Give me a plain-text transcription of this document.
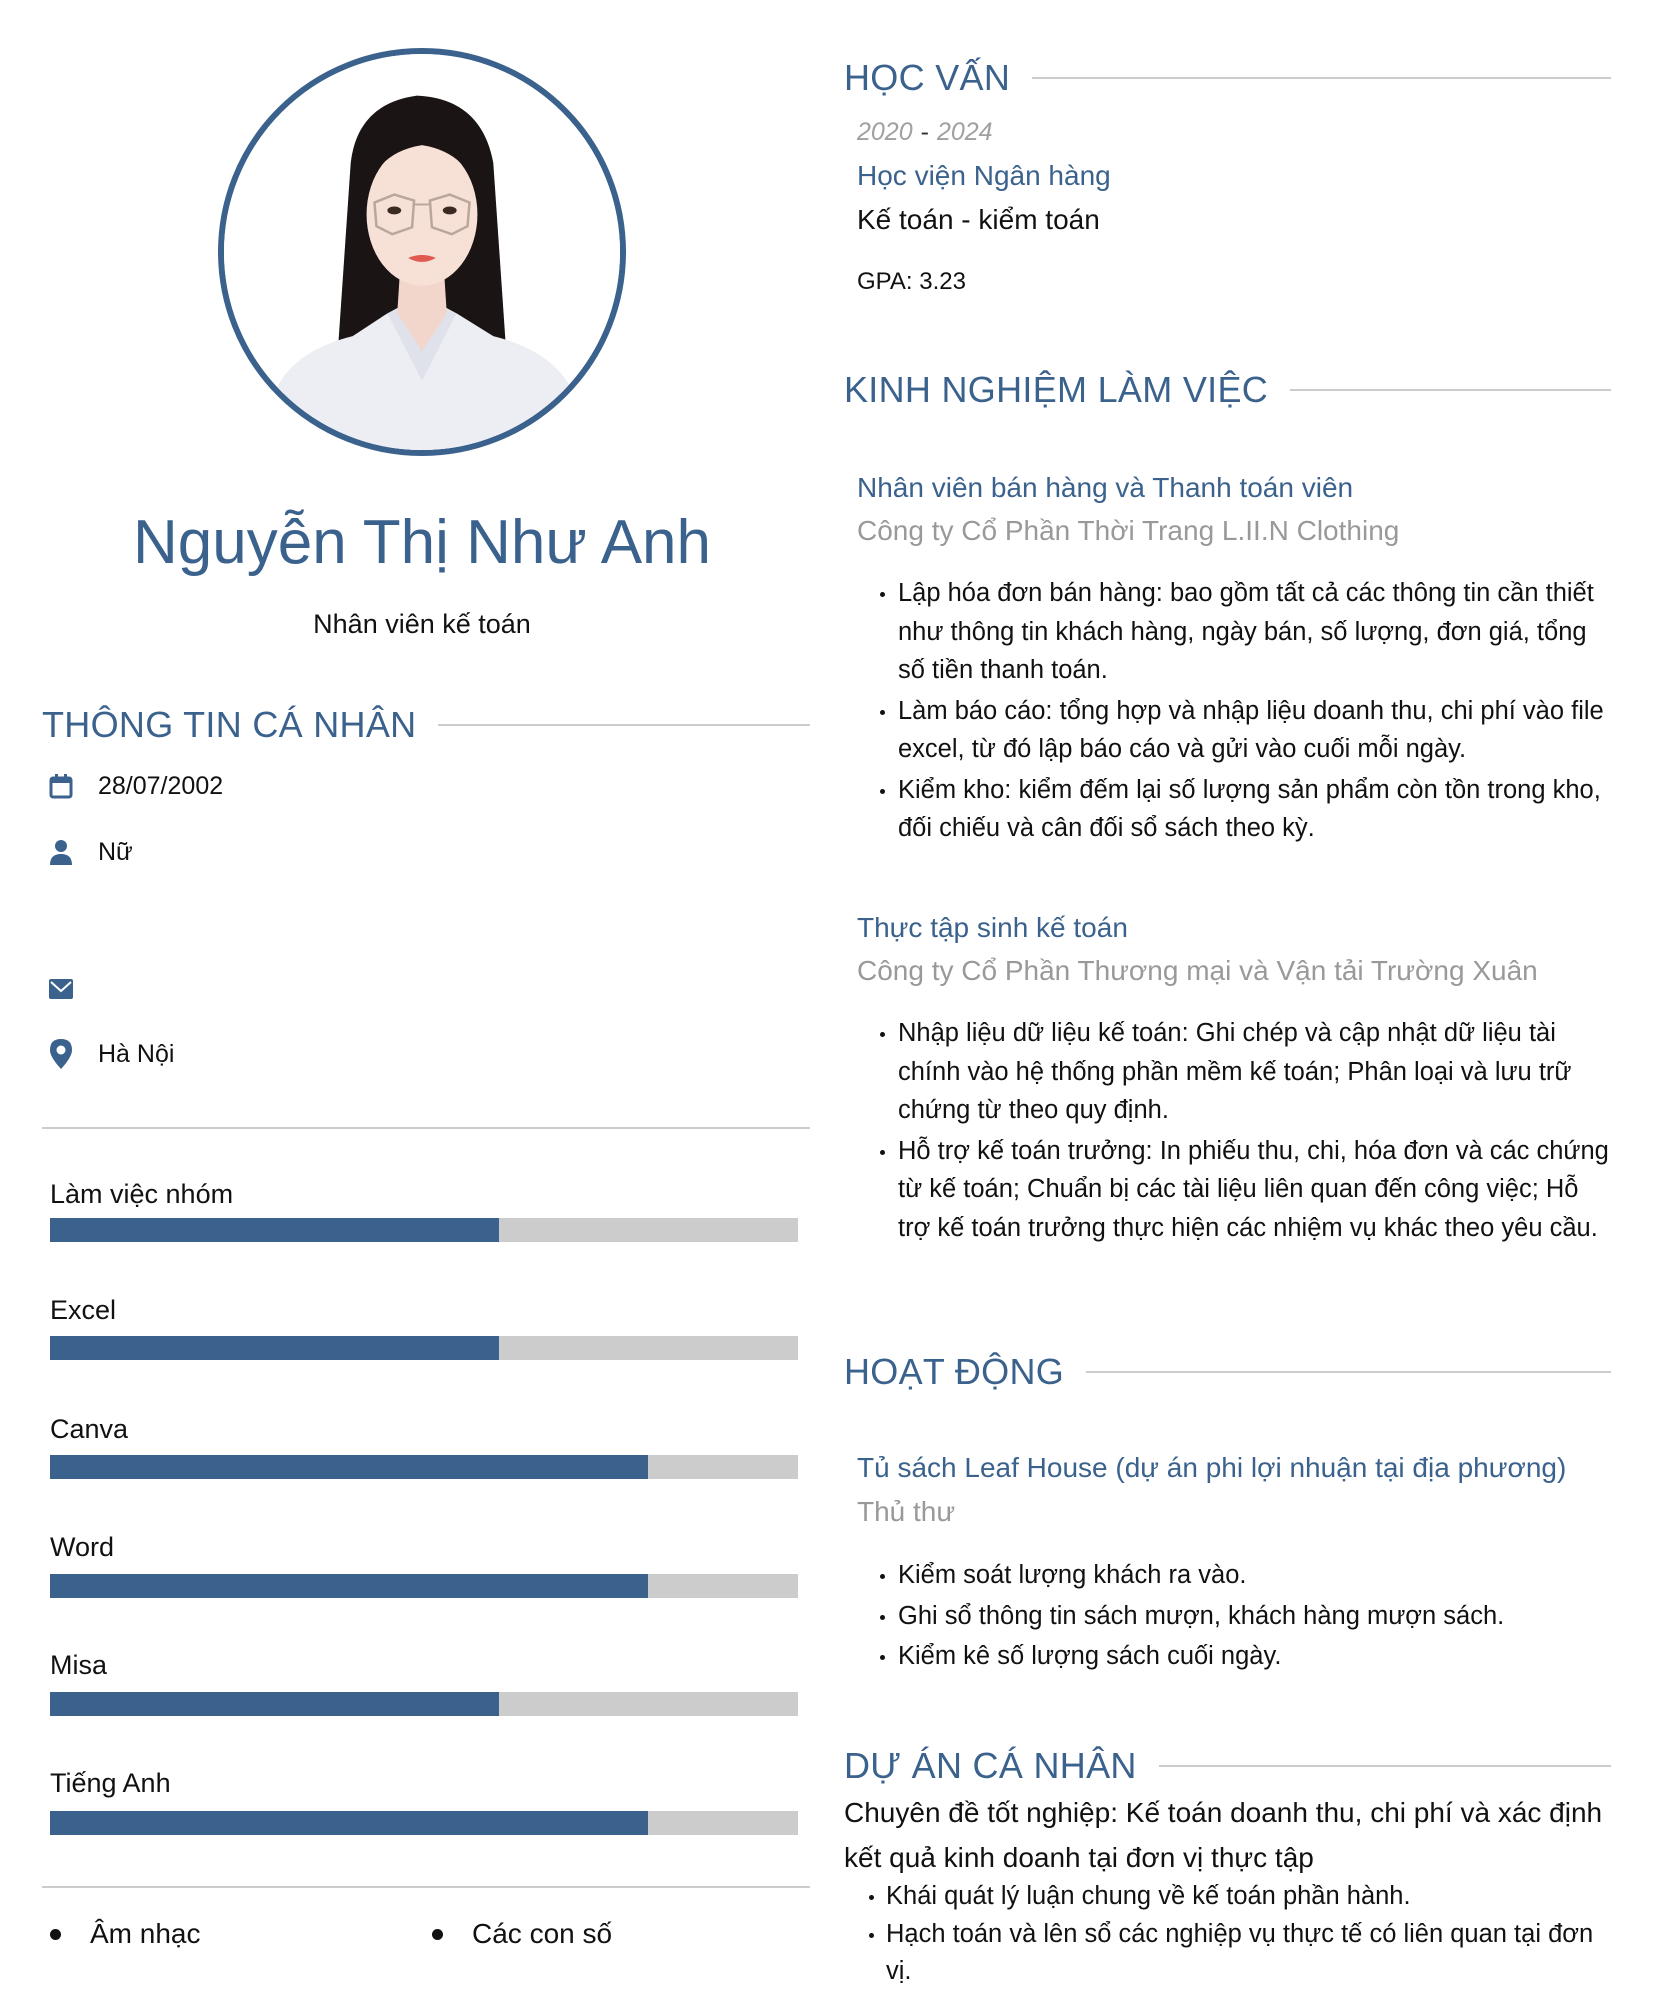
Nguyễn Thị Như Anh
Nhân viên kế toán
THÔNG TIN CÁ NHÂN
28/07/2002
Nữ
Hà Nội
Làm việc nhóm
Excel
Canva
Word
Misa
Tiếng Anh
Âm nhạc	Các con số
HỌC VẤN
2020 - 2024
Học viện Ngân hàng
Kế toán - kiểm toán
GPA: 3.23
KINH NGHIỆM LÀM VIỆC
Nhân viên bán hàng và Thanh toán viên
Công ty Cổ Phần Thời Trang L.II.N Clothing
Lập hóa đơn bán hàng: bao gồm tất cả các thông tin cần thiết như thông tin khách hàng, ngày bán, số lượng, đơn giá, tổng số tiền thanh toán.
Làm báo cáo: tổng hợp và nhập liệu doanh thu, chi phí vào file excel, từ đó lập báo cáo và gửi vào cuối mỗi ngày.
Kiểm kho: kiểm đếm lại số lượng sản phẩm còn tồn trong kho, đối chiếu và cân đối sổ sách theo kỳ.
Thực tập sinh kế toán
Công ty Cổ Phần Thương mại và Vận tải Trường Xuân
Nhập liệu dữ liệu kế toán: Ghi chép và cập nhật dữ liệu tài chính vào hệ thống phần mềm kế toán; Phân loại và lưu trữ chứng từ theo quy định.
Hỗ trợ kế toán trưởng: In phiếu thu, chi, hóa đơn và các chứng từ kế toán; Chuẩn bị các tài liệu liên quan đến công việc; Hỗ trợ kế toán trưởng thực hiện các nhiệm vụ khác theo yêu cầu.
HOẠT ĐỘNG
Tủ sách Leaf House (dự án phi lợi nhuận tại địa phương)
Thủ thư
Kiểm soát lượng khách ra vào.
Ghi sổ thông tin sách mượn, khách hàng mượn sách.
Kiểm kê số lượng sách cuối ngày.
DỰ ÁN CÁ NHÂN
Chuyên đề tốt nghiệp: Kế toán doanh thu, chi phí và xác định kết quả kinh doanh tại đơn vị thực tập
Khái quát lý luận chung về kế toán phần hành.
Hạch toán và lên sổ các nghiệp vụ thực tế có liên quan tại đơn vị.
